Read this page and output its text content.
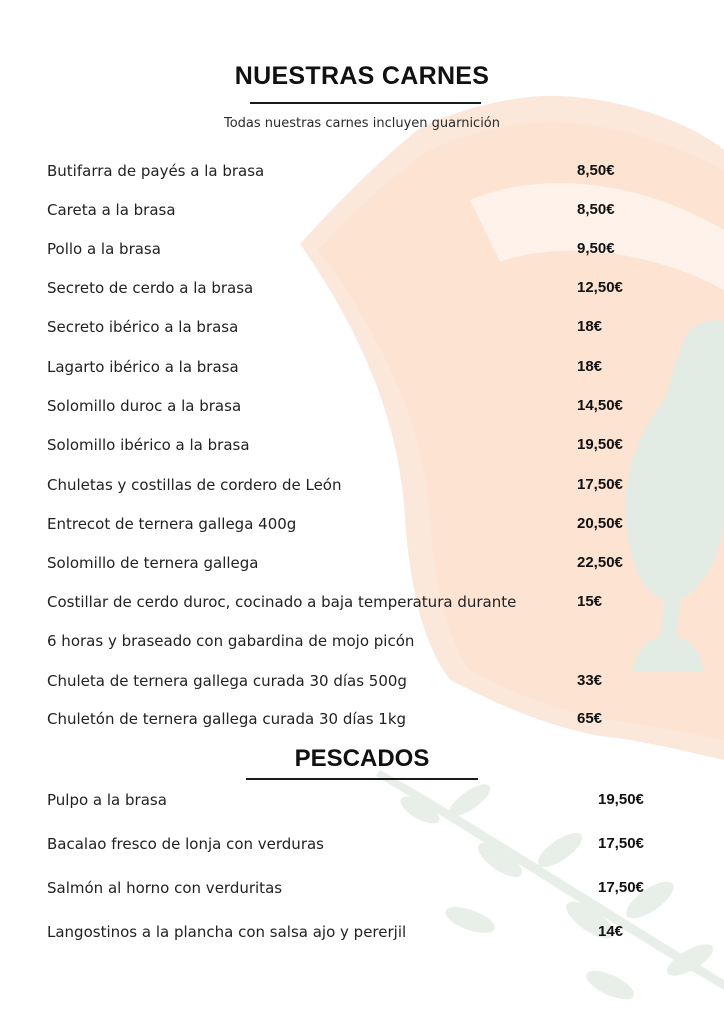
NUESTRAS CARNES
Todas nuestras carnes incluyen guarnición
Butifarra de payés a la brasa	8,50€
Careta a la brasa	8,50€
Pollo a la brasa	9,50€
Secreto de cerdo a la brasa	12,50€
Secreto ibérico a la brasa	18€
Lagarto ibérico a la brasa	18€
Solomillo duroc a la brasa	14,50€
Solomillo ibérico a la brasa	19,50€
Chuletas y costillas de cordero de León	17,50€
Entrecot de ternera gallega 400g	20,50€
Solomillo de ternera gallega	22,50€
Costillar de cerdo duroc, cocinado a baja temperatura durante	15€
6 horas y braseado con gabardina de mojo picón
Chuleta de ternera gallega curada 30 días 500g	33€
Chuletón de ternera gallega curada 30 días 1kg	65€
PESCADOS
Pulpo a la brasa	19,50€
Bacalao fresco de lonja con verduras	17,50€
Salmón al horno con verduritas	17,50€
Langostinos a la plancha con salsa ajo y pererjil	14€
